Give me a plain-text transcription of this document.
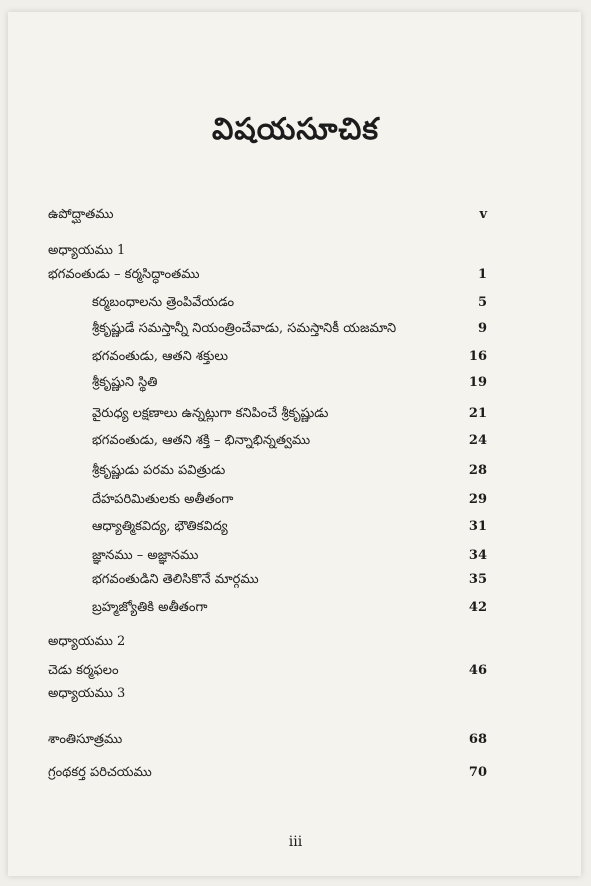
విషయసూచిక
ఉపోద్ఘాతము	v
అధ్యాయము 1
భగవంతుడు – కర్మసిద్ధాంతము	1
కర్మబంధాలను త్రెంపివేయడం	5
శ్రీకృష్ణుడే సమస్తాన్నీ నియంత్రించేవాడు, సమస్తానికీ యజమాని	9
భగవంతుడు, ఆతని శక్తులు	16
శ్రీకృష్ణుని స్థితి	19
వైరుధ్య లక్షణాలు ఉన్నట్లుగా కనిపించే శ్రీకృష్ణుడు	21
భగవంతుడు, ఆతని శక్తి – భిన్నాభిన్నత్వము	24
శ్రీకృష్ణుడు పరమ పవిత్రుడు	28
దేహపరిమితులకు అతీతంగా	29
ఆధ్యాత్మికవిద్య, భౌతికవిద్య	31
జ్ఞానము – అజ్ఞానము	34
భగవంతుడిని తెలిసికొనే మార్గము	35
బ్రహ్మజ్యోతికి అతీతంగా	42
అధ్యాయము 2
చెడు కర్మఫలం	46
అధ్యాయము 3
శాంతిసూత్రము	68
గ్రంథకర్త పరిచయము	70
iii
